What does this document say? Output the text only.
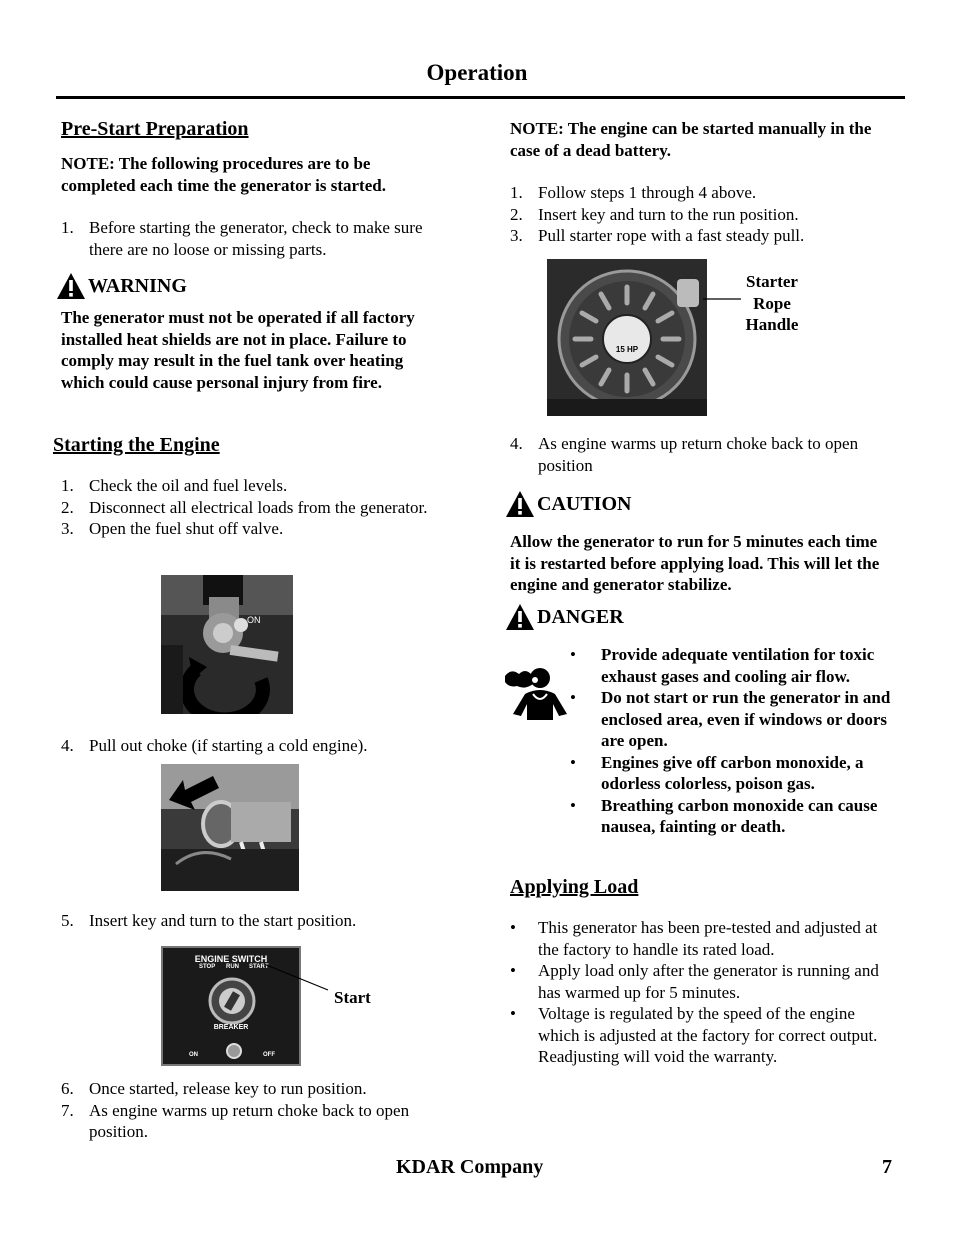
Operation
Pre-Start Preparation
NOTE: The following procedures are to be completed each time the generator is started.
1. Before starting the generator, check to make sure there are no loose or missing parts.
WARNING
The generator must not be operated if all factory installed heat shields are not in place. Failure to comply may result in the fuel tank over heating which could cause personal injury from fire.
Starting the Engine
1. Check the oil and fuel levels.
2. Disconnect all electrical loads from the generator.
3. Open the fuel shut off valve.
ON
4. Pull out choke (if starting a cold engine).
5. Insert key and turn to the start position.
ENGINE SWITCH
STOP RUN START
BREAKER
ON	OFF
Start
6. Once started, release key to run position.
7. As engine warms up return choke back to open position.
NOTE: The engine can be started manually in the case of a dead battery.
1. Follow steps 1 through 4 above.
2. Insert key and turn to the run position.
3. Pull starter rope with a fast steady pull.
15 HP
Starter
Rope
Handle
4. As engine warms up return choke back to open position
CAUTION
Allow the generator to run for 5 minutes each time it is restarted before applying load. This will let the engine and generator stabilize.
DANGER
• Provide adequate ventilation for toxic exhaust gases and cooling air flow.
• Do not start or run the generator in and enclosed area, even if windows or doors are open.
• Engines give off carbon monoxide, a odorless colorless, poison gas.
• Breathing carbon monoxide can cause nausea, fainting or death.
Applying Load
• This generator has been pre-tested and adjusted at the factory to handle its rated load.
• Apply load only after the generator is running and has warmed up for 5 minutes.
• Voltage is regulated by the speed of the engine which is adjusted at the factory for correct output. Readjusting will void the warranty.
KDAR Company	7
